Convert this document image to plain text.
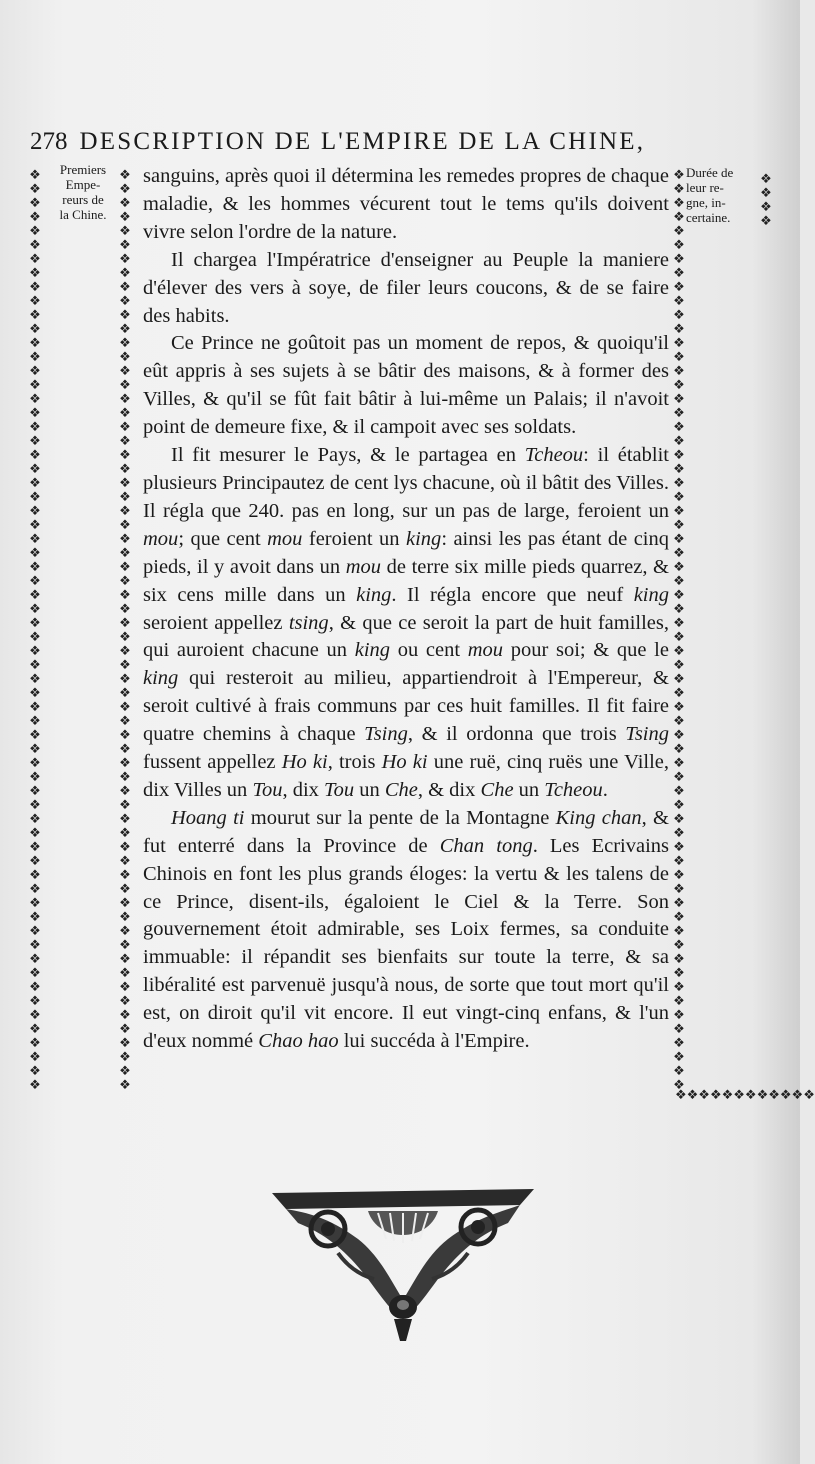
278 DESCRIPTION DE L'EMPIRE DE LA CHINE,
❖
❖
❖
❖
❖
❖
❖
❖
❖
❖
❖
❖
❖
❖
❖
❖
❖
❖
❖
❖
❖
❖
❖
❖
❖
❖
❖
❖
❖
❖
❖
❖
❖
❖
❖
❖
❖
❖
❖
❖
❖
❖
❖
❖
❖
❖
❖
❖
❖
❖
❖
❖
❖
❖
❖
❖
❖
❖
❖
❖
❖
❖
❖
❖
❖
❖
❖
❖
❖
❖
❖
❖
❖
❖
❖
❖
❖
❖
❖
❖
❖
❖
❖
❖
❖
❖
❖
❖
❖
❖
❖
❖
❖
❖
❖
❖
❖
❖
❖
❖
❖
❖
❖
❖
❖
❖
❖
❖
❖
❖
❖
❖
❖
❖
❖
❖
❖
❖
❖
❖
❖
❖
❖
❖
❖
❖
❖
❖
❖
❖
❖
❖
❖
❖
❖
❖
❖
❖
❖
❖
❖
❖
❖
❖
❖
❖
❖
❖
❖
❖
❖
❖
❖
❖
❖
❖
❖
❖
❖
❖
❖
❖
❖
❖
❖
❖
❖
❖
❖
❖
❖
❖
❖
❖
❖
❖
❖
❖
❖
❖
❖
❖
❖
❖
❖
❖
❖
❖
❖
❖
❖
❖
❖
❖
❖
❖
❖
❖
❖
❖
❖
❖
❖❖❖❖❖❖❖❖❖❖❖❖
Premiers
Empe-
reurs de
la Chine.
Durée de
leur re-
gne, in-
certaine.

sanguins, après quoi il détermina les remedes propres de chaque maladie, & les hommes vécurent tout le tems qu'ils doivent vivre selon l'ordre de la nature.

Il chargea l'Impératrice d'enseigner au Peuple la maniere d'élever des vers à soye, de filer leurs coucons, & de se faire des habits.

Ce Prince ne goûtoit pas un moment de repos, & quoiqu'il eût appris à ses sujets à se bâtir des maisons, & à former des Villes, & qu'il se fût fait bâtir à lui-même un Palais; il n'avoit point de demeure fixe, & il campoit avec ses soldats.

Il fit mesurer le Pays, & le partagea en Tcheou: il établit plusieurs Principautez de cent lys chacune, où il bâtit des Villes. Il régla que 240. pas en long, sur un pas de large, feroient un mou; que cent mou feroient un king: ainsi les pas étant de cinq pieds, il y avoit dans un mou de terre six mille pieds quarrez, & six cens mille dans un king. Il régla encore que neuf king seroient appellez tsing, & que ce seroit la part de huit familles, qui auroient chacune un king ou cent mou pour soi; & que le king qui resteroit au milieu, appartiendroit à l'Empereur, & seroit cultivé à frais communs par ces huit familles. Il fit faire quatre chemins à chaque Tsing, & il ordonna que trois Tsing fussent appellez Ho ki, trois Ho ki une ruë, cinq ruës une Ville, dix Villes un Tou, dix Tou un Che, & dix Che un Tcheou.

Hoang ti mourut sur la pente de la Montagne King chan, & fut enterré dans la Province de Chan tong. Les Ecrivains Chinois en font les plus grands éloges: la vertu & les talens de ce Prince, disent-ils, égaloient le Ciel & la Terre. Son gouvernement étoit admirable, ses Loix fermes, sa conduite immuable: il répandit ses bienfaits sur toute la terre, & sa libéralité est parvenuë jusqu'à nous, de sorte que tout mort qu'il est, on diroit qu'il vit encore. Il eut vingt-cinq enfans, & l'un d'eux nommé Chao hao lui succéda à l'Empire.
